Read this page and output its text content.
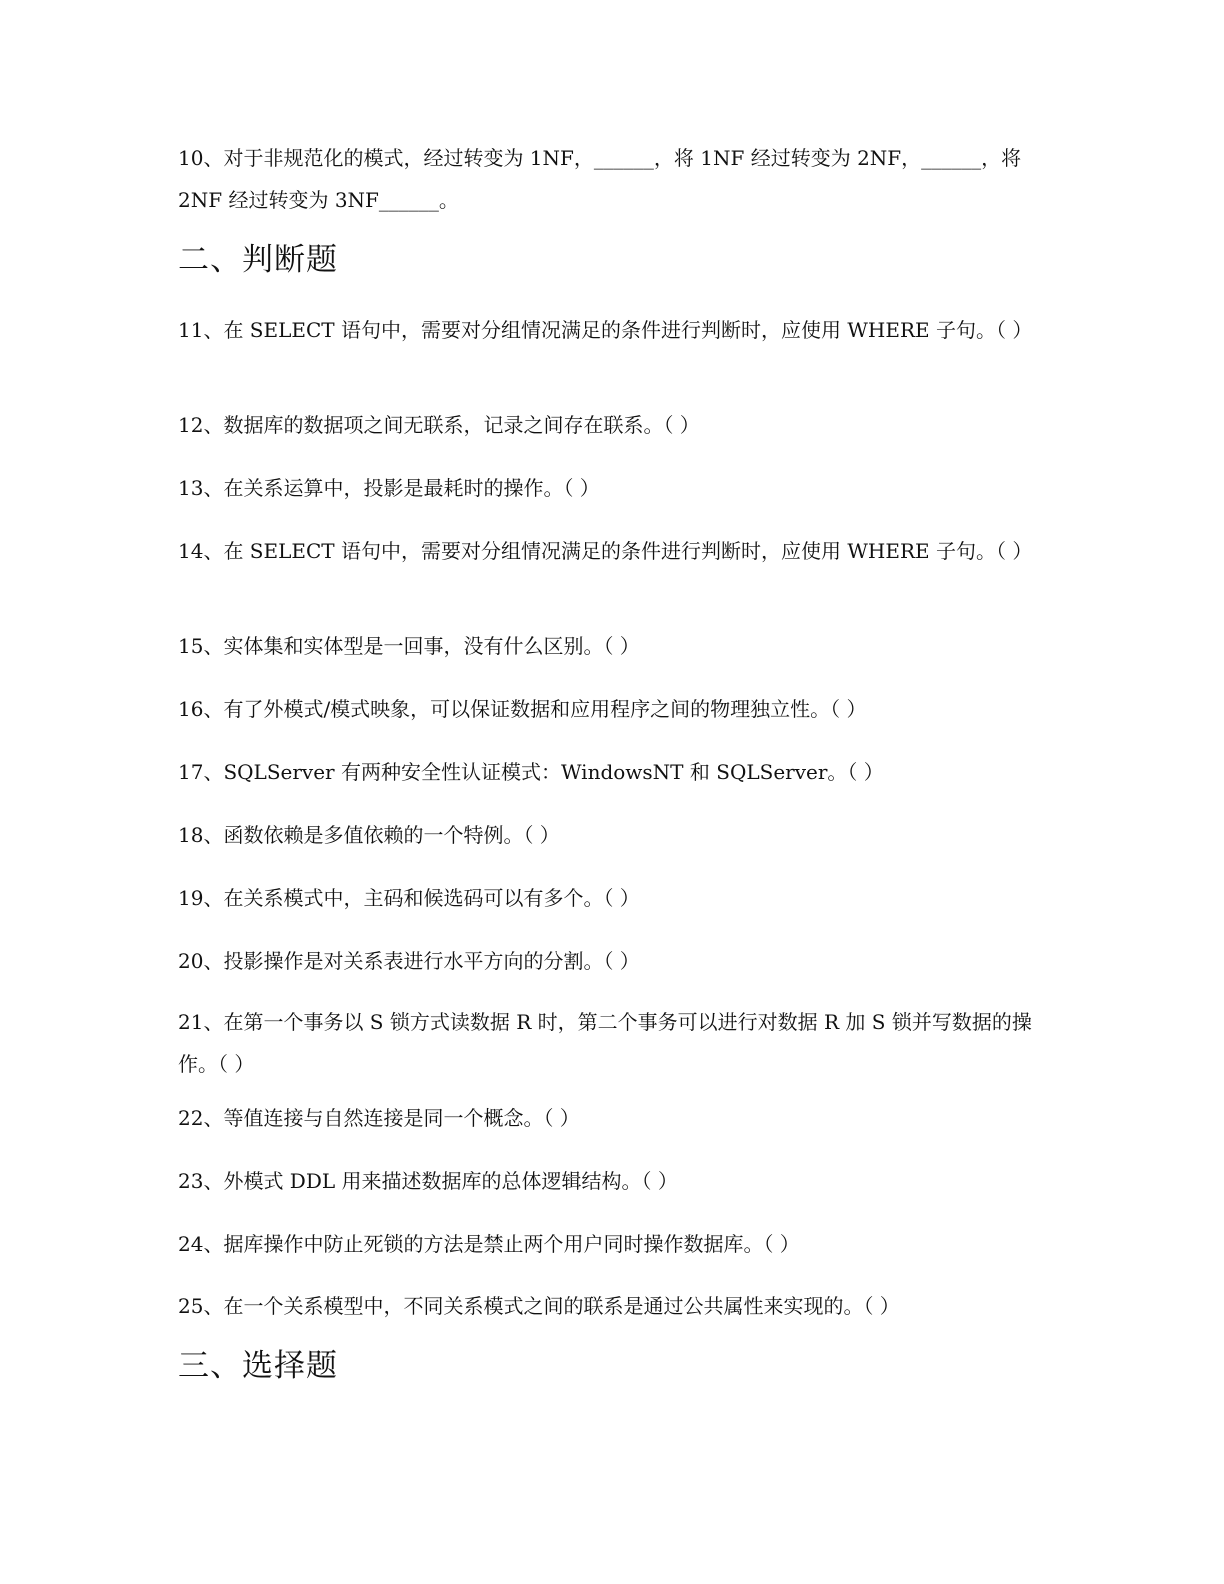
10、对于非规范化的模式，经过转变为 1NF，______，将 1NF 经过转变为 2NF，______，将 2NF 经过转变为 3NF______。

二、判断题

11、在 SELECT 语句中，需要对分组情况满足的条件进行判断时，应使用 WHERE 子句。（ ）

12、数据库的数据项之间无联系，记录之间存在联系。（ ）

13、在关系运算中，投影是最耗时的操作。（ ）

14、在 SELECT 语句中，需要对分组情况满足的条件进行判断时，应使用 WHERE 子句。（ ）

15、实体集和实体型是一回事，没有什么区别。（ ）

16、有了外模式/模式映象，可以保证数据和应用程序之间的物理独立性。（ ）

17、SQLServer 有两种安全性认证模式：WindowsNT 和 SQLServer。（ ）

18、函数依赖是多值依赖的一个特例。（ ）

19、在关系模式中，主码和候选码可以有多个。（ ）

20、投影操作是对关系表进行水平方向的分割。（ ）

21、在第一个事务以 S 锁方式读数据 R 时，第二个事务可以进行对数据 R 加 S 锁并写数据的操作。（ ）

22、等值连接与自然连接是同一个概念。（ ）

23、外模式 DDL 用来描述数据库的总体逻辑结构。（ ）

24、据库操作中防止死锁的方法是禁止两个用户同时操作数据库。（ ）

25、在一个关系模型中，不同关系模式之间的联系是通过公共属性来实现的。（ ）

三、选择题
